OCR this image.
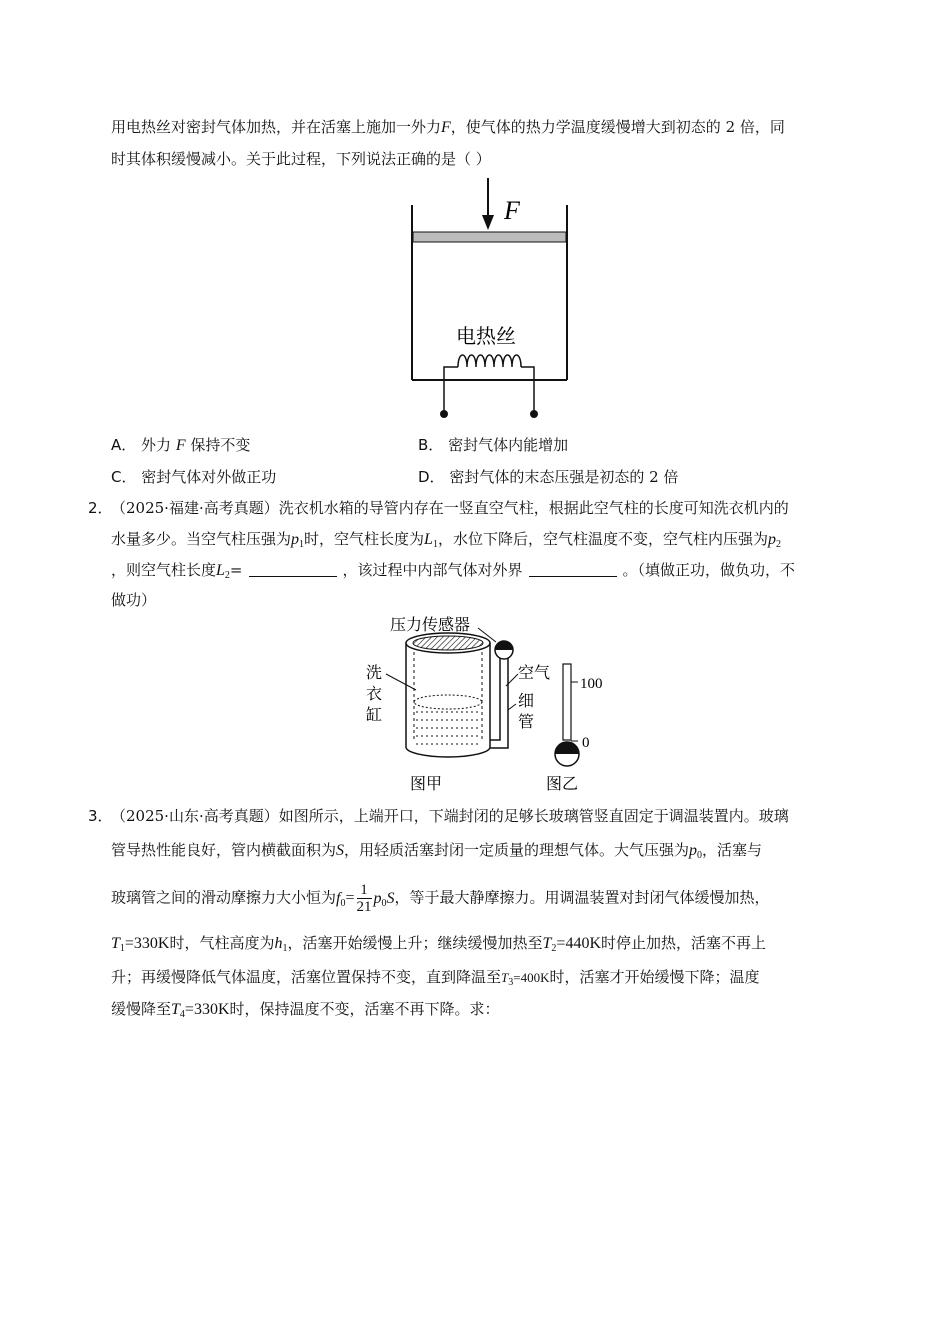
用电热丝对密封气体加热，并在活塞上施加一外力F，使气体的热力学温度缓慢增大到初态的 2 倍，同
时其体积缓慢减小。关于此过程，下列说法正确的是（ ）
F
电热丝
A． 外力 F 保持不变	B． 密封气体内能增加
C． 密封气体对外做正功	D． 密封气体的末态压强是初态的 2 倍
2．
（2025·福建·高考真题）洗衣机水箱的导管内存在一竖直空气柱，根据此空气柱的长度可知洗衣机内的
水量多少。当空气柱压强为$p_1$时，空气柱长度为$L_1$，水位下降后，空气柱温度不变，空气柱内压强为$p_2$
，则空气柱长度$L_2=$	，该过程中内部气体对外界	。（填做正功，做负功，不
做功）
压力传感器
洗
衣
缸
空气
细
管
100
0
图甲	图乙
3．
（2025·山东·高考真题）如图所示，上端开口，下端封闭的足够长玻璃管竖直固定于调温装置内。玻璃
管导热性能良好，管内横截面积为S，用轻质活塞封闭一定质量的理想气体。大气压强为$p_0$，活塞与
玻璃管之间的滑动摩擦力大小恒为$f_0= \frac{1}{21} p_0S$，等于最大静摩擦力。用调温装置对封闭气体缓慢加热，
$T_1=330K$时，气柱高度为$h_1$，活塞开始缓慢上升；继续缓慢加热至$T_2=440K$时停止加热，活塞不再上
升；再缓慢降低气体温度，活塞位置保持不变，直到降温至$T_3=400K$时，活塞才开始缓慢下降；温度
缓慢降至$T_4=330K$时，保持温度不变，活塞不再下降。求：
